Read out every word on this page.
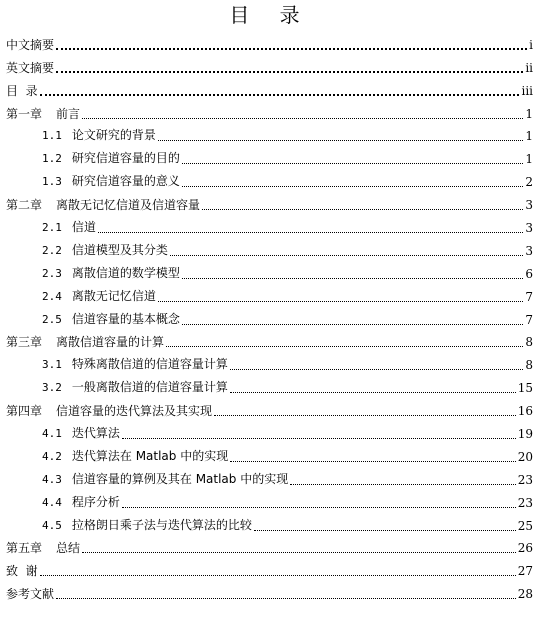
目 录
中文摘要	i
英文摘要	ii
目  录	iii
第一章 前言	1
1.1 论文研究的背景	1
1.2 研究信道容量的目的	1
1.3 研究信道容量的意义	2
第二章 离散无记忆信道及信道容量	3
2.1 信道	3
2.2 信道模型及其分类	3
2.3 离散信道的数学模型	6
2.4 离散无记忆信道	7
2.5 信道容量的基本概念	7
第三章 离散信道容量的计算	8
3.1 特殊离散信道的信道容量计算	8
3.2 一般离散信道的信道容量计算	15
第四章 信道容量的迭代算法及其实现	16
4.1 迭代算法	19
4.2 迭代算法在 Matlab 中的实现	20
4.3 信道容量的算例及其在 Matlab 中的实现	23
4.4 程序分析	23
4.5 拉格朗日乘子法与迭代算法的比较	25
第五章 总结	26
致  谢	27
参考文献	28
